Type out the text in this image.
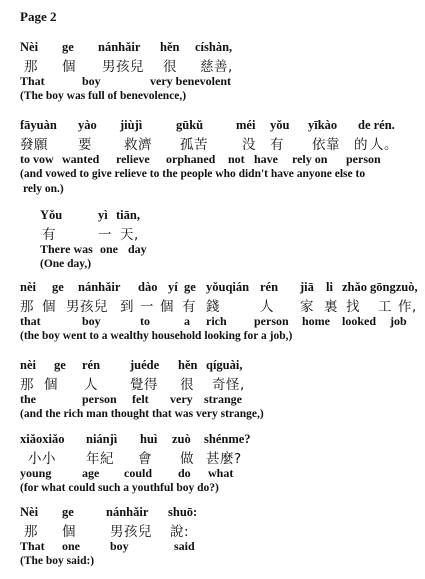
Page 2
Nèi ge nánhǎir hěn císhàn,
那 個 男孩兒 很 慈善,
That	boy	very benevolent
(The boy was full of benevolence,)
fāyuàn yào jiùjì	gūkǔ	méi yǒu yīkào de rén.
發願 要 救濟 孤苦	没 有 依靠 的 人。
to vow wanted relieve orphaned not have rely on person
(and vowed to give relieve to the people who didn't have anyone else to
rely on.)
Yǒu	yì tiān,
有	一 天,
There was one day
(One day,)
nèi ge nánhǎir dào yí ge yǒuqián rén jiā li zhǎo gōngzuò,
那 個 男孩兒 到 一 個 有 錢	人 家 裏 找 工 作,
that	boy	to	a rich person home looked job
(the boy went to a wealthy household looking for a job,)
nèi ge rén juéde hěn qíguài,
那 個 人 覺得 很 奇怪,
the	person felt very strange
(and the rich man thought that was very strange,)
xiǎoxiǎo niánjì huì zuò shénme?
小小 年紀 會 做 甚麼?
young	age could do what
(for what could such a youthful boy do?)
Nèi ge	nánhǎir shuō:
那 個	男孩兒 說:
That one	boy	said
(The boy said:)
